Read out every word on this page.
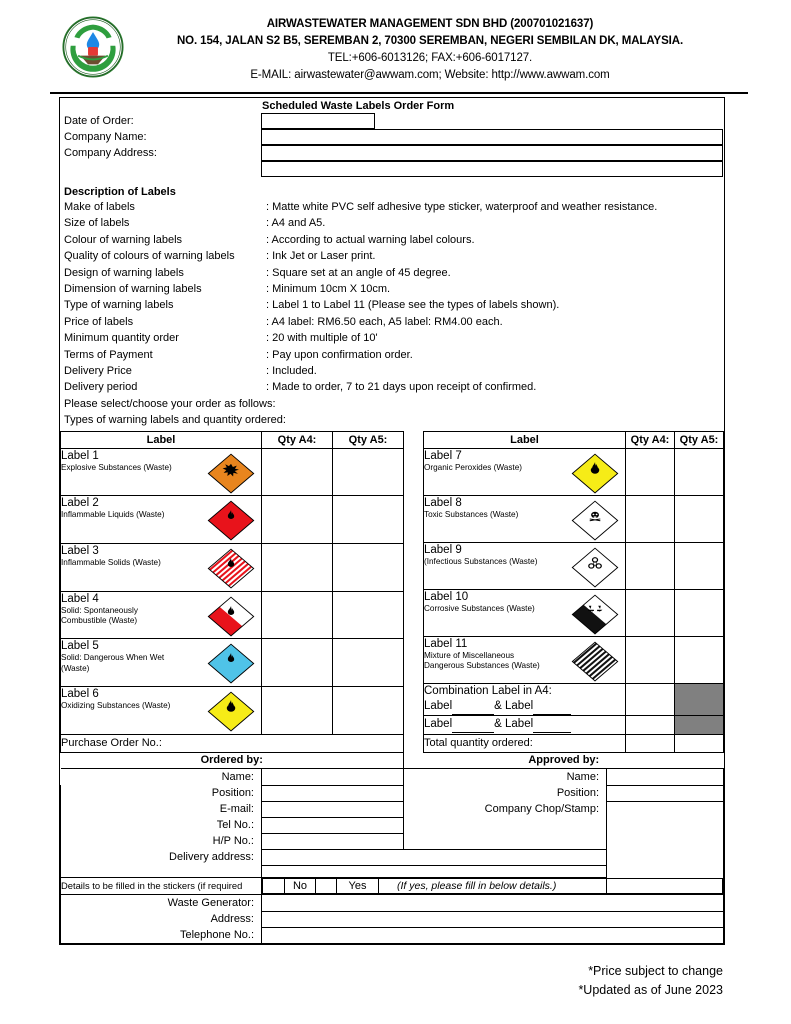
AIRWASTEWATER MANAGEMENT SDN BHD (200701021637)
NO. 154, JALAN S2 B5, SEREMBAN 2, 70300 SEREMBAN, NEGERI SEMBILAN DK, MALAYSIA.
TEL:+606-6013126; FAX:+606-6017127.
E-MAIL: airwastewater@awwam.com; Website: http://www.awwam.com
Scheduled Waste Labels Order Form
Date of Order:
Company Name:
Company Address:
Description of Labels
Make of labels	: Matte white PVC self adhesive type sticker, waterproof and weather resistance.
Size of labels	: A4 and A5.
Colour of warning labels	: According to actual warning label colours.
Quality of colours of warning labels	: Ink Jet or Laser print.
Design of warning labels	: Square set at an angle of 45 degree.
Dimension of warning labels	: Minimum 10cm X 10cm.
Type of warning labels	: Label 1 to Label 11 (Please see the types of labels shown).
Price of labels	: A4 label: RM6.50 each, A5 label: RM4.00 each.
Minimum quantity order	: 20 with multiple of 10'
Terms of Payment	: Pay upon confirmation order.
Delivery Price	: Included.
Delivery period	: Made to order, 7 to 21 days upon receipt of confirmed.
Please select/choose your order as follows:
Types of warning labels and quantity ordered:
Label	Qty A4:	Qty A5:

Label 1
Explosive Substances (Waste)		

Label 2
Inflammable Liquids (Waste)		

Label 3
Inflammable Solids (Waste)		

Label 4
Solid: Spontaneously
Combustible (Waste)		

Label 5
Solid: Dangerous When Wet
(Waste)		

Label 6
Oxidizing Substances (Waste)		

Label	Qty A4:	Qty A5:

Label 7
Organic Peroxides (Waste)		

Label 8
Toxic Substances (Waste)		

Label 9
(Infectious Substances (Waste)		

Label 10
Corrosive Substances (Waste)		

Label 11
Mixture of Miscellaneous
Dangerous Substances (Waste)		

Combination Label in A4:
Label & Label		

Label & Label		

Purchase Order No.:	Total quantity ordered:		
Ordered by:	Approved by:
Name:		Name:	
Position:		Position:	
E-mail:		Company Chop/Stamp:	
Tel No.:		
H/P No.:		
Delivery address:	

Details to be filled in the stickers (if required	
		No		Yes	(If yes, please fill in below details.)

Waste Generator:	
Address:	
Telephone No.:	
*Price subject to change
*Updated as of June 2023
